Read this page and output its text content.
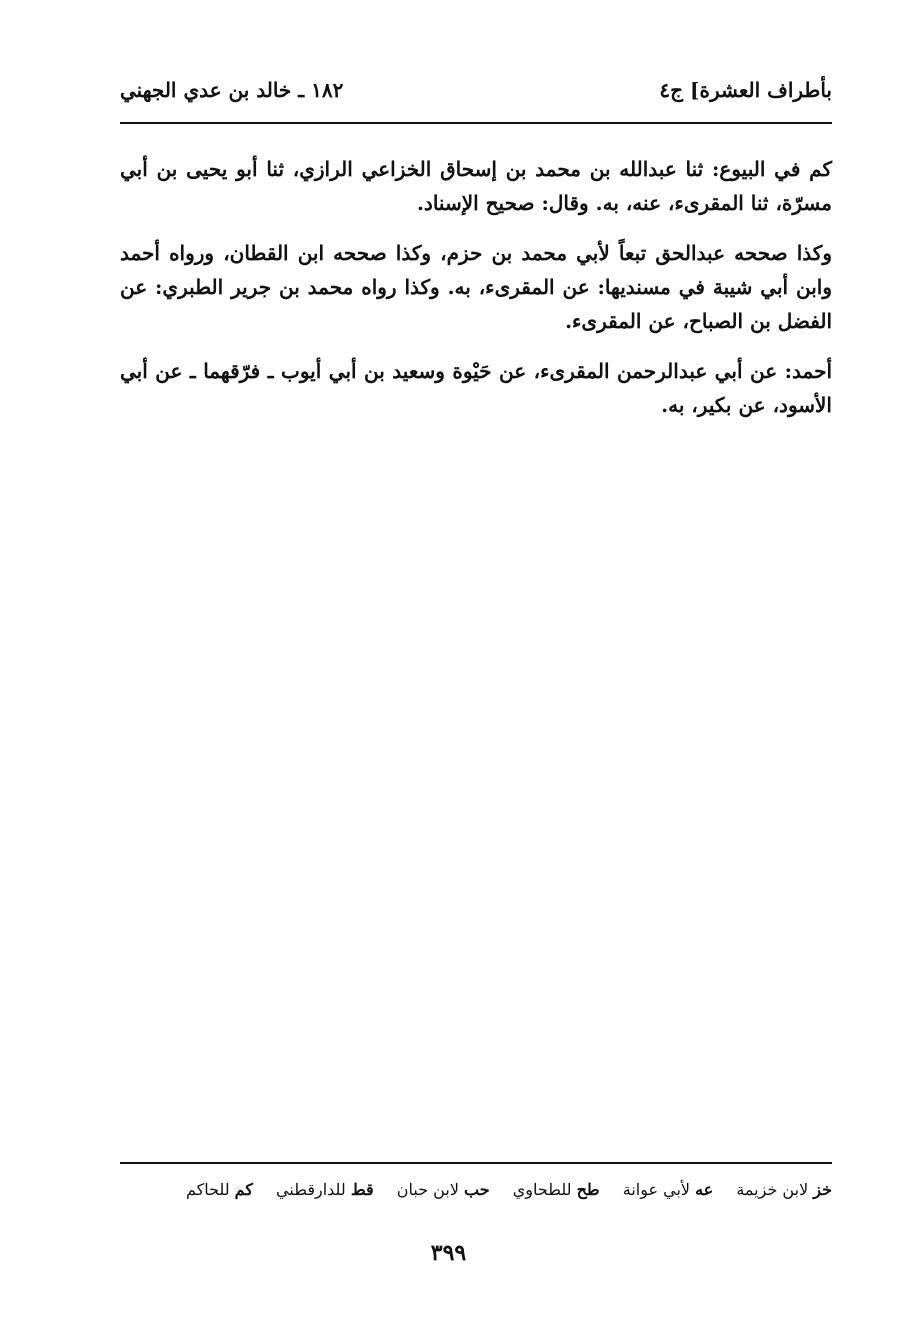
بأطراف العشرة] ج٤
١٨٢ ـ خالد بن عدي الجهني

كم في البيوع: ثنا عبدالله بن محمد بن إسحاق الخزاعي الرازي، ثنا أبو يحيى بن أبي مسرّة، ثنا المقرىء، عنه، به. وقال: صحيح الإسناد.

وكذا صححه عبدالحق تبعاً لأبي محمد بن حزم، وكذا صححه ابن القطان، ورواه أحمد وابن أبي شيبة في مسنديها: عن المقرىء، به. وكذا رواه محمد بن جرير الطبري: عن الفضل بن الصباح، عن المقرىء.

أحمد: عن أبي عبدالرحمن المقرىء، عن حَيْوة وسعيد بن أبي أيوب ـ فرّقهما ـ عن أبي الأسود، عن بكير، به.

خز لابن خزيمة عه لأبي عوانة طح للطحاوي حب لابن حبان قط للدارقطني كم للحاكم
٣٩٩
